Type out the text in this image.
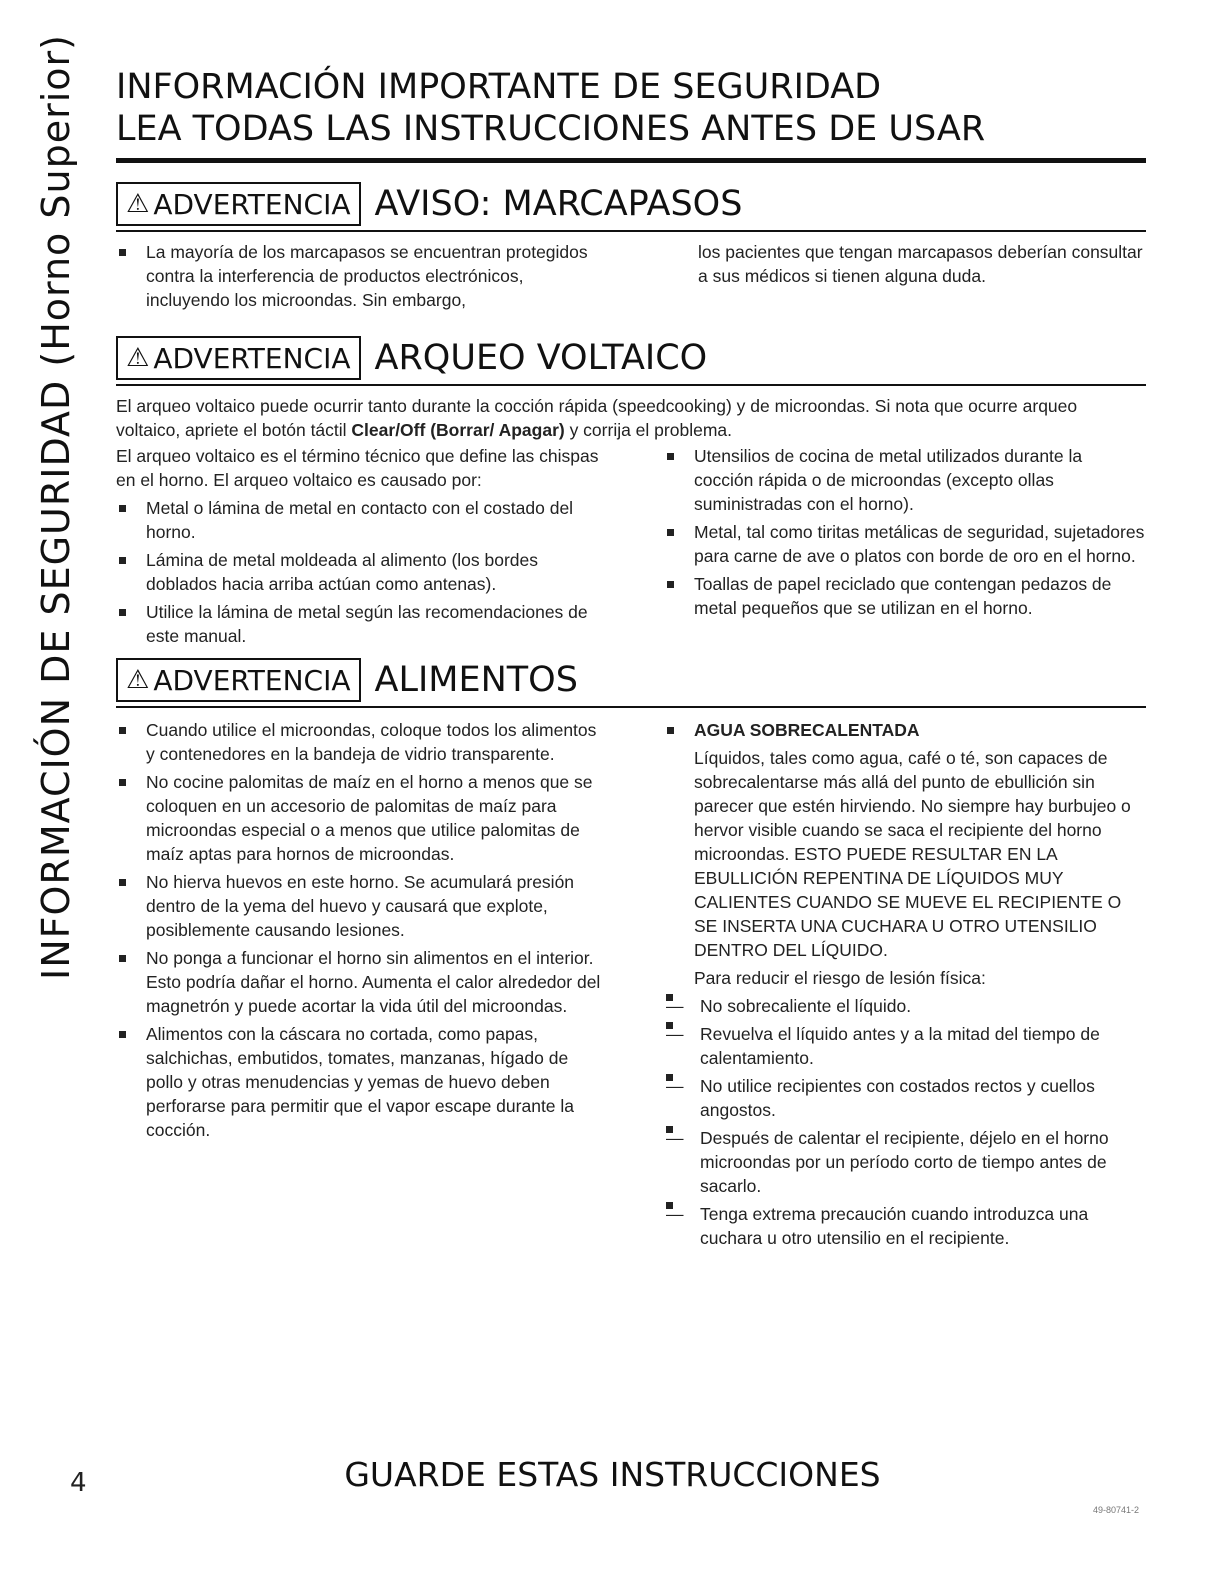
INFORMACIÓN DE SEGURIDAD (Horno Superior) INFORMACIÓN IMPORTANTE DE SEGURIDAD
LEA TODAS LAS INSTRUCCIONES ANTES DE USAR
⚠ ADVERTENCIA AVISO: MARCAPASOS
La mayoría de los marcapasos se encuentran protegidos contra la interferencia de productos electrónicos, incluyendo los microondas. Sin embargo,

los pacientes que tengan marcapasos deberían consultar a sus médicos si tienen alguna duda.

⚠ ADVERTENCIA ARQUEO VOLTAICO

El arqueo voltaico puede ocurrir tanto durante la cocción rápida (speedcooking) y de microondas. Si nota que ocurre arqueo voltaico, apriete el botón táctil Clear/Off (Borrar/ Apagar) y corrija el problema.

El arqueo voltaico es el término técnico que define las chispas en el horno. El arqueo voltaico es causado por:

Metal o lámina de metal en contacto con el costado del horno.
Lámina de metal moldeada al alimento (los bordes doblados hacia arriba actúan como antenas).
Utilice la lámina de metal según las recomendaciones de este manual.
Utensilios de cocina de metal utilizados durante la cocción rápida o de microondas (excepto ollas suministradas con el horno).
Metal, tal como tiritas metálicas de seguridad, sujetadores para carne de ave o platos con borde de oro en el horno.
Toallas de papel reciclado que contengan pedazos de metal pequeños que se utilizan en el horno.
⚠ ADVERTENCIA ALIMENTOS
Cuando utilice el microondas, coloque todos los alimentos y contenedores en la bandeja de vidrio transparente.
No cocine palomitas de maíz en el horno a menos que se coloquen en un accesorio de palomitas de maíz para microondas especial o a menos que utilice palomitas de maíz aptas para hornos de microondas.
No hierva huevos en este horno. Se acumulará presión dentro de la yema del huevo y causará que explote, posiblemente causando lesiones.
No ponga a funcionar el horno sin alimentos en el interior. Esto podría dañar el horno. Aumenta el calor alrededor del magnetrón y puede acortar la vida útil del microondas.
Alimentos con la cáscara no cortada, como papas, salchichas, embutidos, tomates, manzanas, hígado de pollo y otras menudencias y yemas de huevo deben perforarse para permitir que el vapor escape durante la cocción.
AGUA SOBRECALENTADA
Líquidos, tales como agua, café o té, son capaces de sobrecalentarse más allá del punto de ebullición sin parecer que estén hirviendo. No siempre hay burbujeo o hervor visible cuando se saca el recipiente del horno microondas. ESTO PUEDE RESULTAR EN LA EBULLICIÓN REPENTINA DE LÍQUIDOS MUY CALIENTES CUANDO SE MUEVE EL RECIPIENTE O SE INSERTA UNA CUCHARA U OTRO UTENSILIO DENTRO DEL LÍQUIDO.
Para reducir el riesgo de lesión física:
— No sobrecaliente el líquido.
— Revuelva el líquido antes y a la mitad del tiempo de calentamiento.
— No utilice recipientes con costados rectos y cuellos angostos.
— Después de calentar el recipiente, déjelo en el horno microondas por un período corto de tiempo antes de sacarlo.
— Tenga extrema precaución cuando introduzca una cuchara u otro utensilio en el recipiente.
GUARDE ESTAS INSTRUCCIONES
4
49-80741-2
